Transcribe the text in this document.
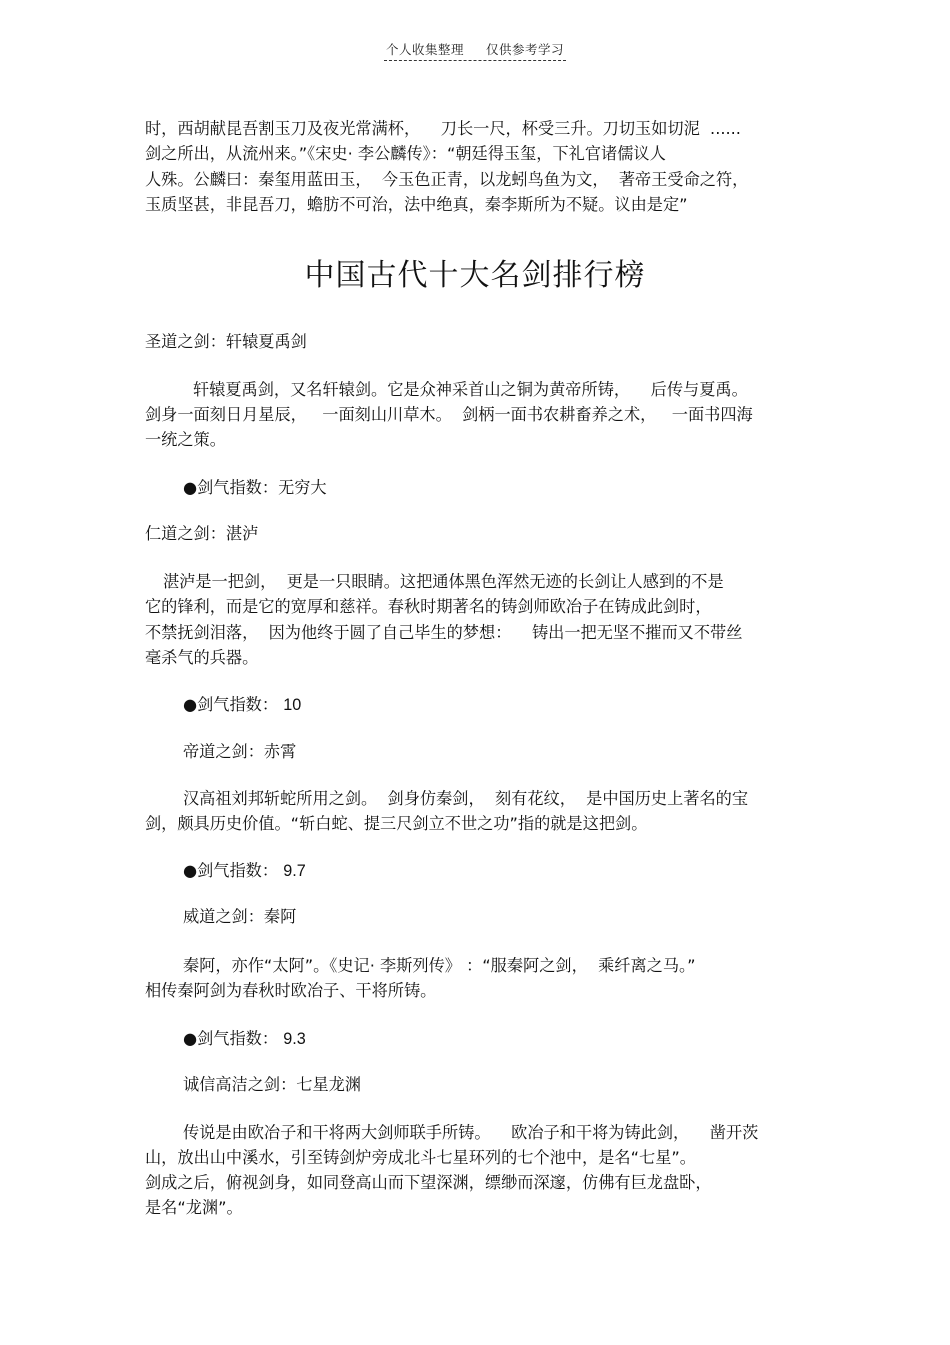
个人收集整理 仅供参考学习
时，西胡献昆吾割玉刀及夜光常满杯，    刀长一尺，杯受三升。刀切玉如切泥  ......
剑之所出，从流州来。”《宋史· 李公麟传》：“朝廷得玉玺，下礼官诸儒议人
人殊。公麟曰：秦玺用蓝田玉，  今玉色正青，以龙蚓鸟鱼为文，  著帝王受命之符，
玉质坚甚，非昆吾刀，蟾肪不可治，法中绝真，秦李斯所为不疑。议由是定”
中国古代十大名剑排行榜
圣道之剑：轩辕夏禹剑
轩辕夏禹剑，又名轩辕剑。它是众神采首山之铜为黄帝所铸，    后传与夏禹。
剑身一面刻日月星辰，   一面刻山川草木。  剑柄一面书农耕畜养之术，   一面书四海
一统之策。
●剑气指数：无穷大
仁道之剑：湛泸
湛泸是一把剑，  更是一只眼睛。这把通体黑色浑然无迹的长剑让人感到的不是
它的锋利，而是它的宽厚和慈祥。春秋时期著名的铸剑师欧冶子在铸成此剑时，
不禁抚剑泪落，  因为他终于圆了自己毕生的梦想：    铸出一把无坚不摧而又不带丝
毫杀气的兵器。
●剑气指数： 10
帝道之剑：赤霄
汉高祖刘邦斩蛇所用之剑。  剑身仿秦剑，  刻有花纹，  是中国历史上著名的宝
剑，颇具历史价值。“斩白蛇、提三尺剑立不世之功”指的就是这把剑。
●剑气指数： 9.7
威道之剑：秦阿
秦阿，亦作“太阿”。《史记· 李斯列传》 ：“服秦阿之剑，  乘纤离之马。”
相传秦阿剑为春秋时欧冶子、干将所铸。
●剑气指数： 9.3
诚信高洁之剑：七星龙渊
传说是由欧冶子和干将两大剑师联手所铸。    欧冶子和干将为铸此剑，    凿开茨
山，放出山中溪水，引至铸剑炉旁成北斗七星环列的七个池中，是名“七星”。
剑成之后，俯视剑身，如同登高山而下望深渊，缥缈而深邃，仿佛有巨龙盘卧，
是名“龙渊”。
